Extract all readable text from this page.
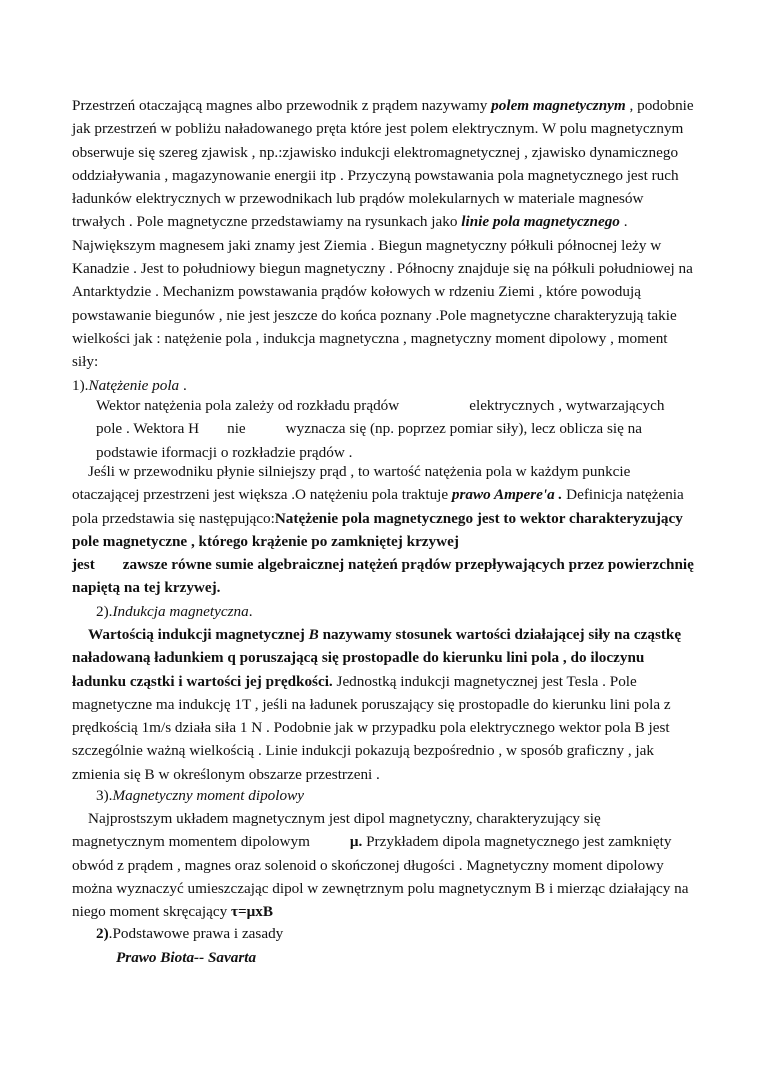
Przestrzeń otaczającą magnes albo przewodnik z prądem nazywamy polem magnetycznym , podobnie jak przestrzeń w pobliżu naładowanego pręta które jest polem elektrycznym. W polu magnetycznym obserwuje się szereg zjawisk , np.:zjawisko indukcji elektromagnetycznej , zjawisko dynamicznego oddziaływania , magazynowanie energii itp . Przyczyną powstawania pola magnetycznego jest ruch ładunków elektrycznych w przewodnikach lub prądów molekularnych w materiale magnesów trwałych . Pole magnetyczne przedstawiamy na rysunkach jako linie pola magnetycznego . Największym magnesem jaki znamy jest Ziemia . Biegun magnetyczny półkuli północnej leży w Kanadzie . Jest to południowy biegun magnetyczny . Północny znajduje się na półkuli południowej na Antarktydzie . Mechanizm powstawania prądów kołowych w rdzeniu Ziemi , które powodują powstawanie biegunów , nie jest jeszcze do końca poznany .Pole magnetyczne charakteryzują takie wielkości jak : natężenie pola , indukcja magnetyczna , magnetyczny moment dipolowy , moment siły:

1).Natężenie pola .

Wektor natężenia pola zależy od rozkładu prądów	elektrycznych , wytwarzających pole . Wektora H nie	wyznacza się (np. poprzez pomiar siły), lecz oblicza się na podstawie iformacji o rozkładzie prądów .

Jeśli w przewodniku płynie silniejszy prąd , to wartość natężenia pola w każdym punkcie otaczającej przestrzeni jest większa .O natężeniu pola traktuje prawo Ampere'a . Definicja natężenia pola przedstawia się następująco:Natężenie pola magnetycznego jest to wektor charakteryzujący pole magnetyczne , którego krążenie po zamkniętej krzywej
jest zawsze równe sumie algebraicznej natężeń prądów przepływających przez powierzchnię napiętą na tej krzywej.

2).Indukcja magnetyczna.

Wartością indukcji magnetycznej B nazywamy stosunek wartości działającej siły na cząstkę naładowaną ładunkiem q poruszającą się prostopadle do kierunku lini pola , do iloczynu ładunku cząstki i wartości jej prędkości. Jednostką indukcji magnetycznej jest Tesla . Pole magnetyczne ma indukcję 1T , jeśli na ładunek poruszający się prostopadle do kierunku lini pola z prędkością 1m/s działa siła 1 N . Podobnie jak w przypadku pola elektrycznego wektor pola B jest szczególnie ważną wielkością . Linie indukcji pokazują bezpośrednio , w sposób graficzny , jak zmienia się B w określonym obszarze przestrzeni .

3).Magnetyczny moment dipolowy

Najprostszym układem magnetycznym jest dipol magnetyczny, charakteryzujący się magnetycznym momentem dipolowym	μ. Przykładem dipola magnetycznego jest zamknięty obwód z prądem , magnes oraz solenoid o skończonej długości . Magnetyczny moment dipolowy można wyznaczyć umieszczając dipol w zewnętrznym polu magnetycznym B i mierząc działający na niego moment skręcający τ=μxB

2).Podstawowe prawa i zasady

Prawo Biota-- Savarta
